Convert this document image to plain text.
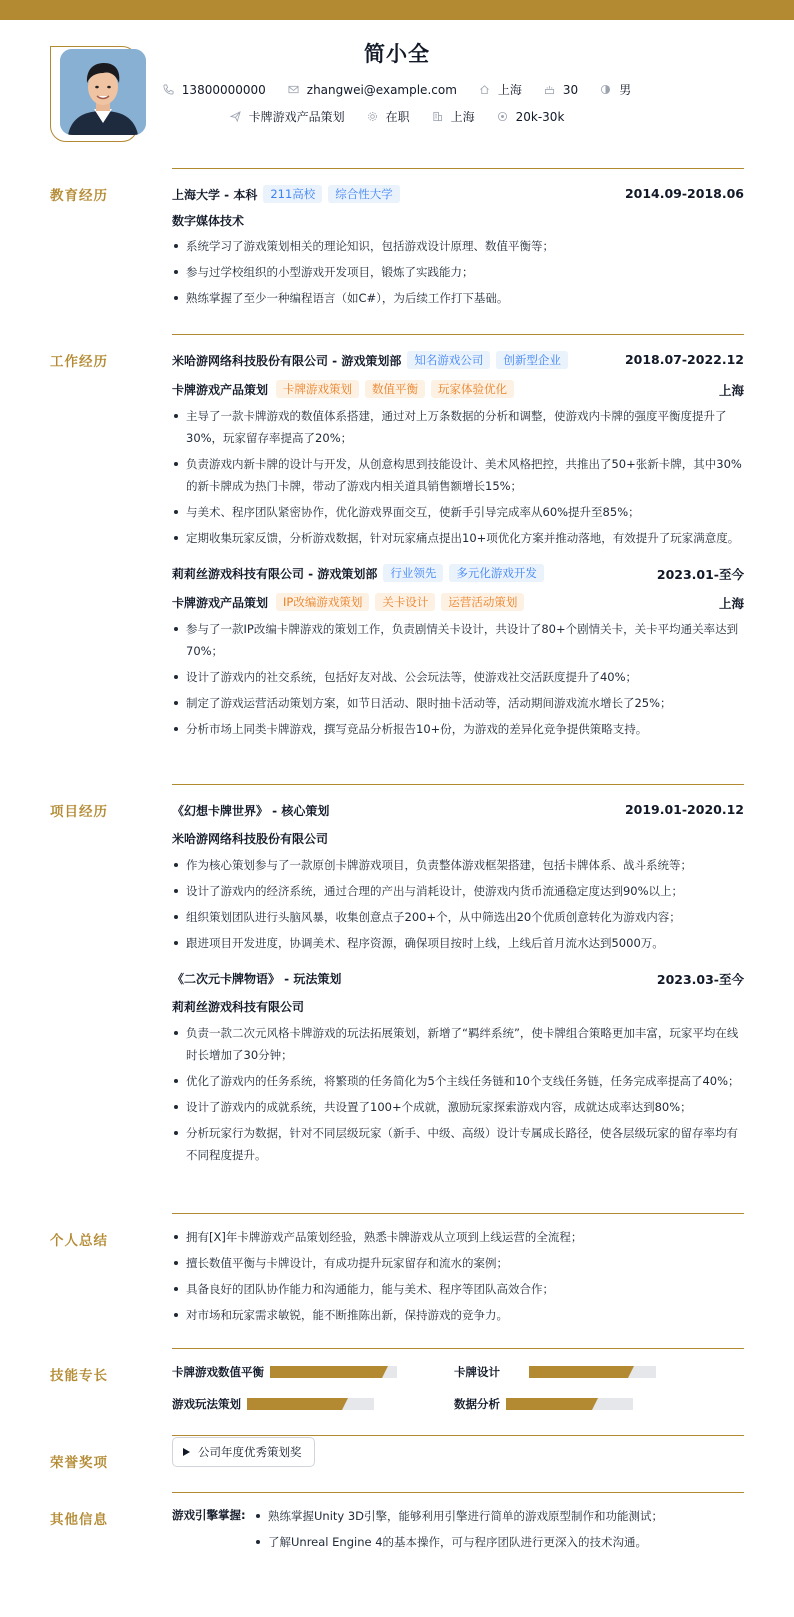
简小全
13800000000	zhangwei@example.com	上海	30	男
卡牌游戏产品策划	在职	上海	20k-30k
教育经历	上海大学 - 本科	211高校	综合性大学	2014.09-2018.06
数字媒体技术
系统学习了游戏策划相关的理论知识，包括游戏设计原理、数值平衡等；
参与过学校组织的小型游戏开发项目，锻炼了实践能力；
熟练掌握了至少一种编程语言（如C#），为后续工作打下基础。
工作经历	米哈游网络科技股份有限公司 - 游戏策划部	知名游戏公司	创新型企业	2018.07-2022.12
卡牌游戏产品策划	卡牌游戏策划	数值平衡	玩家体验优化	上海
主导了一款卡牌游戏的数值体系搭建，通过对上万条数据的分析和调整，使游戏内卡牌的强度平衡度提升了30%，玩家留存率提高了20%；
负责游戏内新卡牌的设计与开发，从创意构思到技能设计、美术风格把控，共推出了50+张新卡牌，其中30%的新卡牌成为热门卡牌，带动了游戏内相关道具销售额增长15%；
与美术、程序团队紧密协作，优化游戏界面交互，使新手引导完成率从60%提升至85%；
定期收集玩家反馈，分析游戏数据，针对玩家痛点提出10+项优化方案并推动落地，有效提升了玩家满意度。
莉莉丝游戏科技有限公司 - 游戏策划部	行业领先	多元化游戏开发	2023.01-至今
卡牌游戏产品策划	IP改编游戏策划	关卡设计	运营活动策划	上海
参与了一款IP改编卡牌游戏的策划工作，负责剧情关卡设计，共设计了80+个剧情关卡，关卡平均通关率达到70%；
设计了游戏内的社交系统，包括好友对战、公会玩法等，使游戏社交活跃度提升了40%；
制定了游戏运营活动策划方案，如节日活动、限时抽卡活动等，活动期间游戏流水增长了25%；
分析市场上同类卡牌游戏，撰写竞品分析报告10+份，为游戏的差异化竞争提供策略支持。
项目经历	《幻想卡牌世界》 - 核心策划	2019.01-2020.12
米哈游网络科技股份有限公司
作为核心策划参与了一款原创卡牌游戏项目，负责整体游戏框架搭建，包括卡牌体系、战斗系统等；
设计了游戏内的经济系统，通过合理的产出与消耗设计，使游戏内货币流通稳定度达到90%以上；
组织策划团队进行头脑风暴，收集创意点子200+个，从中筛选出20个优质创意转化为游戏内容；
跟进项目开发进度，协调美术、程序资源，确保项目按时上线，上线后首月流水达到5000万。
《二次元卡牌物语》 - 玩法策划	2023.03-至今
莉莉丝游戏科技有限公司
负责一款二次元风格卡牌游戏的玩法拓展策划，新增了“羁绊系统”，使卡牌组合策略更加丰富，玩家平均在线时长增加了30分钟；
优化了游戏内的任务系统，将繁琐的任务简化为5个主线任务链和10个支线任务链，任务完成率提高了40%；
设计了游戏内的成就系统，共设置了100+个成就，激励玩家探索游戏内容，成就达成率达到80%；
分析玩家行为数据，针对不同层级玩家（新手、中级、高级）设计专属成长路径，使各层级玩家的留存率均有不同程度提升。
个人总结	拥有[X]年卡牌游戏产品策划经验，熟悉卡牌游戏从立项到上线运营的全流程；
擅长数值平衡与卡牌设计，有成功提升玩家留存和流水的案例；
具备良好的团队协作能力和沟通能力，能与美术、程序等团队高效合作；
对市场和玩家需求敏锐，能不断推陈出新，保持游戏的竞争力。
技能专长	卡牌游戏数值平衡	卡牌设计
游戏玩法策划	数据分析
荣誉奖项
公司年度优秀策划奖
其他信息	游戏引擎掌握:	熟练掌握Unity 3D引擎，能够利用引擎进行简单的游戏原型制作和功能测试；
了解Unreal Engine 4的基本操作，可与程序团队进行更深入的技术沟通。
